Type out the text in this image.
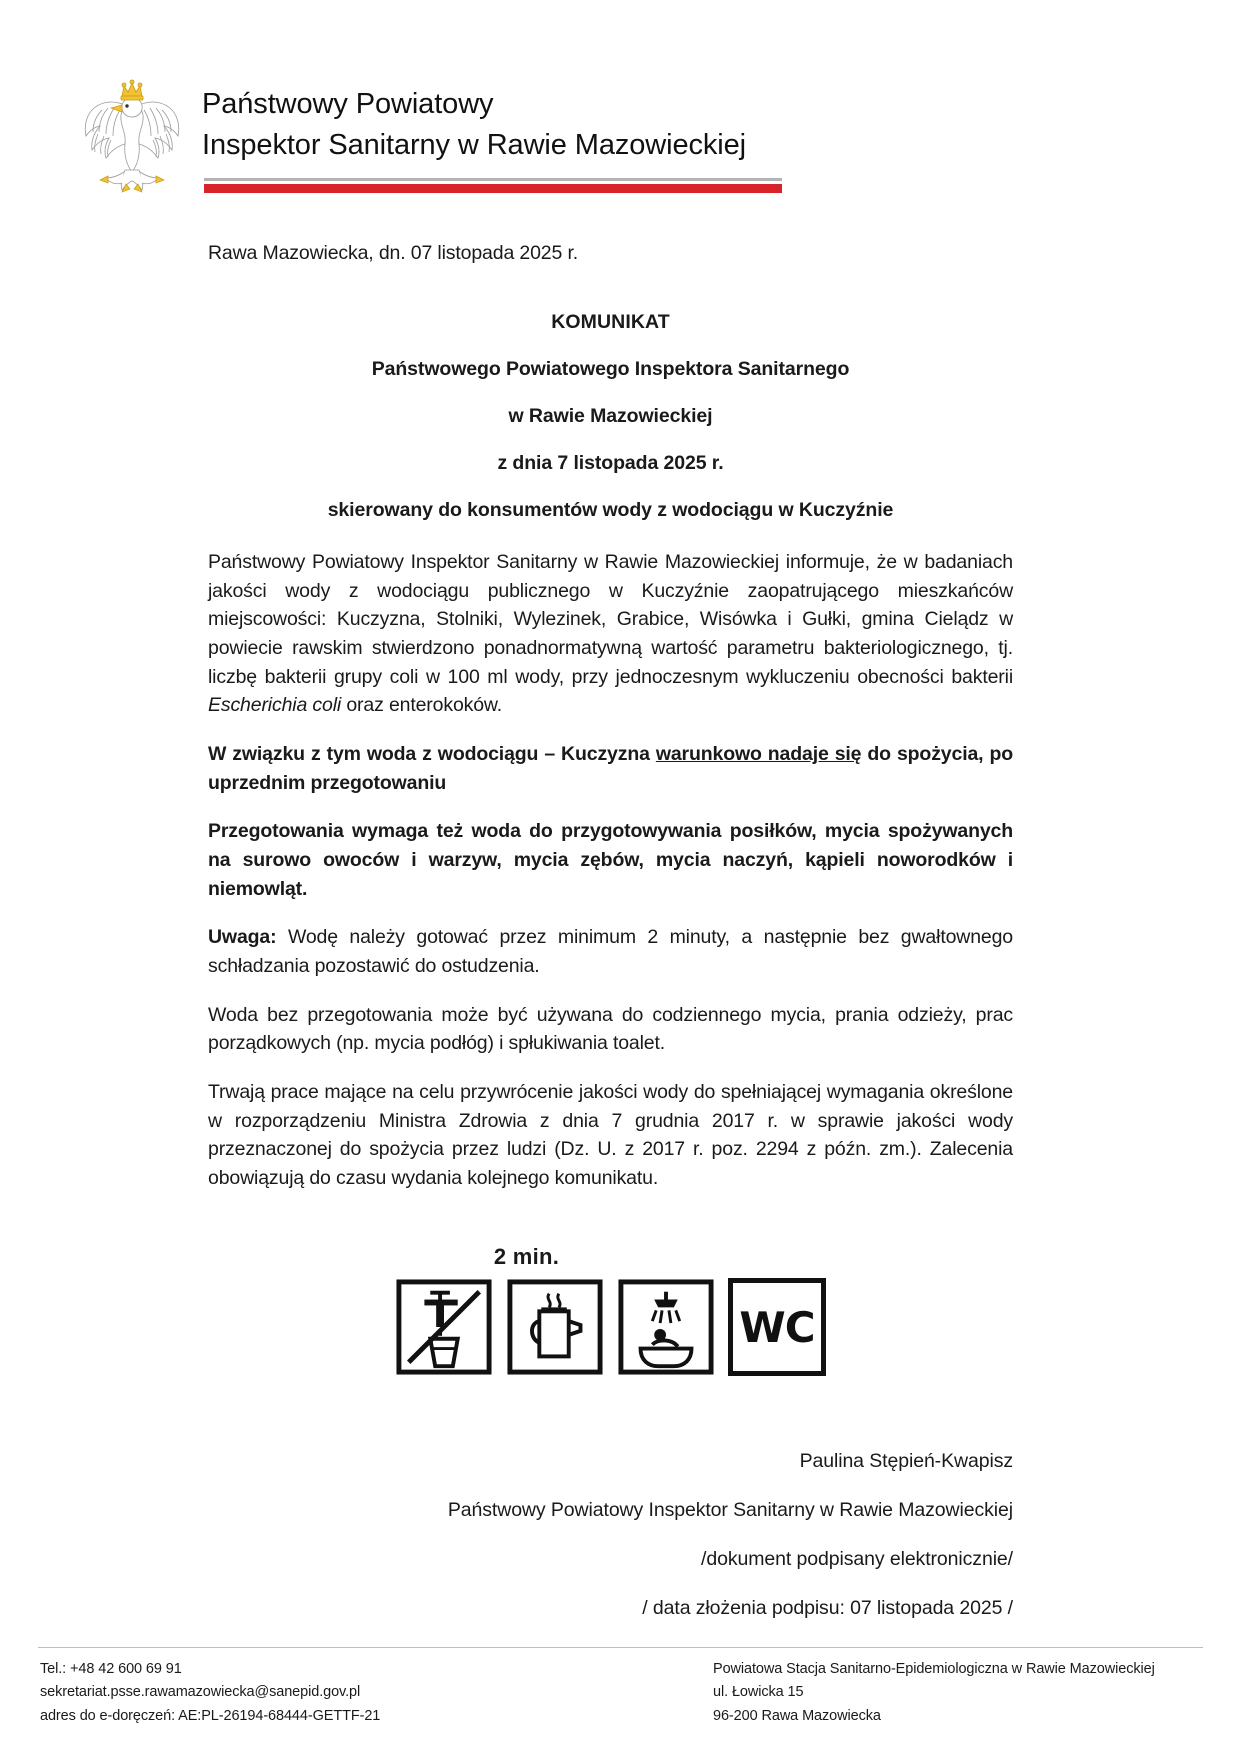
Państwowy Powiatowy
Inspektor Sanitarny w Rawie Mazowieckiej
Rawa Mazowiecka, dn. 07 listopada 2025 r.
KOMUNIKAT
Państwowego Powiatowego Inspektora Sanitarnego
w Rawie Mazowieckiej
z dnia 7 listopada 2025 r.
skierowany do konsumentów wody z wodociągu w Kuczyźnie

Państwowy Powiatowy Inspektor Sanitarny w Rawie Mazowieckiej informuje, że w badaniach jakości wody z wodociągu publicznego w Kuczyźnie zaopatrującego mieszkańców miejscowości: Kuczyzna, Stolniki, Wylezinek, Grabice, Wisówka i Gułki, gmina Cielądz w powiecie rawskim stwierdzono ponadnormatywną wartość parametru bakteriologicznego, tj. liczbę bakterii grupy coli w 100 ml wody, przy jednoczesnym wykluczeniu obecności bakterii Escherichia coli oraz enterokoków.

W związku z tym woda z wodociągu – Kuczyzna warunkowo nadaje się do spożycia, po uprzednim przegotowaniu

Przegotowania wymaga też woda do przygotowywania posiłków, mycia spożywanych na surowo owoców i warzyw, mycia zębów, mycia naczyń, kąpieli noworodków i niemowląt.

Uwaga: Wodę należy gotować przez minimum 2 minuty, a następnie bez gwałtownego schładzania pozostawić do ostudzenia.

Woda bez przegotowania może być używana do codziennego mycia, prania odzieży, prac porządkowych (np. mycia podłóg) i spłukiwania toalet.

Trwają prace mające na celu przywrócenie jakości wody do spełniającej wymagania określone w rozporządzeniu Ministra Zdrowia z dnia 7 grudnia 2017 r. w sprawie jakości wody przeznaczonej do spożycia przez ludzi (Dz. U. z 2017 r. poz. 2294 z późn. zm.). Zalecenia obowiązują do czasu wydania kolejnego komunikatu.

2 min.
WC
Paulina Stępień-Kwapisz
Państwowy Powiatowy Inspektor Sanitarny w Rawie Mazowieckiej
/dokument podpisany elektronicznie/
/ data złożenia podpisu: 07 listopada 2025 /
Tel.: +48 42 600 69 91
sekretariat.psse.rawamazowiecka@sanepid.gov.pl
adres do e-doręczeń: AE:PL-26194-68444-GETTF-21
Powiatowa Stacja Sanitarno-Epidemiologiczna w Rawie Mazowieckiej
ul. Łowicka 15
96-200 Rawa Mazowiecka
